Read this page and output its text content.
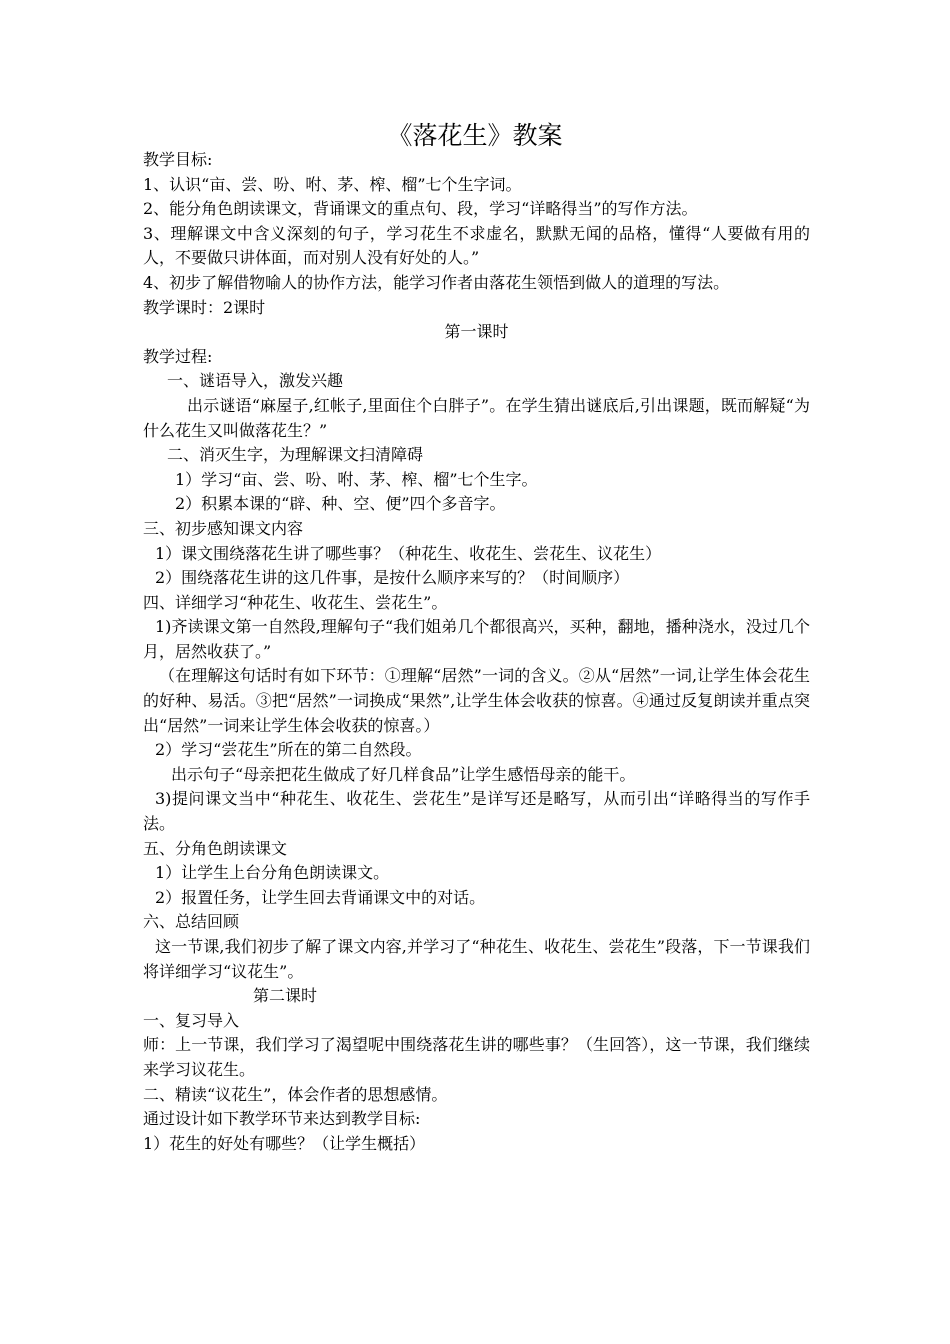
《落花生》教案

教学目标:

1、认识“亩、尝、吩、咐、茅、榨、榴”七个生字词。

2、能分角色朗读课文，背诵课文的重点句、段，学习“详略得当”的写作方法。

3、理解课文中含义深刻的句子，学习花生不求虚名，默默无闻的品格，懂得“人要做有用的人，不要做只讲体面，而对别人没有好处的人。”

4、初步了解借物喻人的协作方法，能学习作者由落花生领悟到做人的道理的写法。

教学课时：2课时

第一课时

教学过程:

一、谜语导入，激发兴趣

出示谜语“麻屋子,红帐子,里面住个白胖子”。在学生猜出谜底后,引出课题，既而解疑“为什么花生又叫做落花生？”

二、消灭生字，为理解课文扫清障碍

1）学习“亩、尝、吩、咐、茅、榨、榴”七个生字。

2）积累本课的“辟、种、空、便”四个多音字。

三、初步感知课文内容

1）课文围绕落花生讲了哪些事？（种花生、收花生、尝花生、议花生）

2）围绕落花生讲的这几件事，是按什么顺序来写的？（时间顺序）

四、详细学习“种花生、收花生、尝花生”。

1)齐读课文第一自然段,理解句子“我们姐弟几个都很高兴，买种，翻地，播种浇水，没过几个月，居然收获了。”

（在理解这句话时有如下环节：①理解“居然”一词的含义。②从“居然”一词,让学生体会花生的好种、易活。③把“居然”一词换成“果然”,让学生体会收获的惊喜。④通过反复朗读并重点突出“居然”一词来让学生体会收获的惊喜。）

2）学习“尝花生”所在的第二自然段。

出示句子“母亲把花生做成了好几样食品”让学生感悟母亲的能干。

3)提问课文当中“种花生、收花生、尝花生”是详写还是略写，从而引出“详略得当的写作手法。

五、分角色朗读课文

1）让学生上台分角色朗读课文。

2）报置任务，让学生回去背诵课文中的对话。

六、总结回顾

这一节课,我们初步了解了课文内容,并学习了“种花生、收花生、尝花生”段落，下一节课我们将详细学习“议花生”。

第二课时

一、复习导入

师：上一节课，我们学习了渴望呢中围绕落花生讲的哪些事？（生回答），这一节课，我们继续来学习议花生。

二、精读“议花生”，体会作者的思想感情。

通过设计如下教学环节来达到教学目标:

1）花生的好处有哪些？（让学生概括）
